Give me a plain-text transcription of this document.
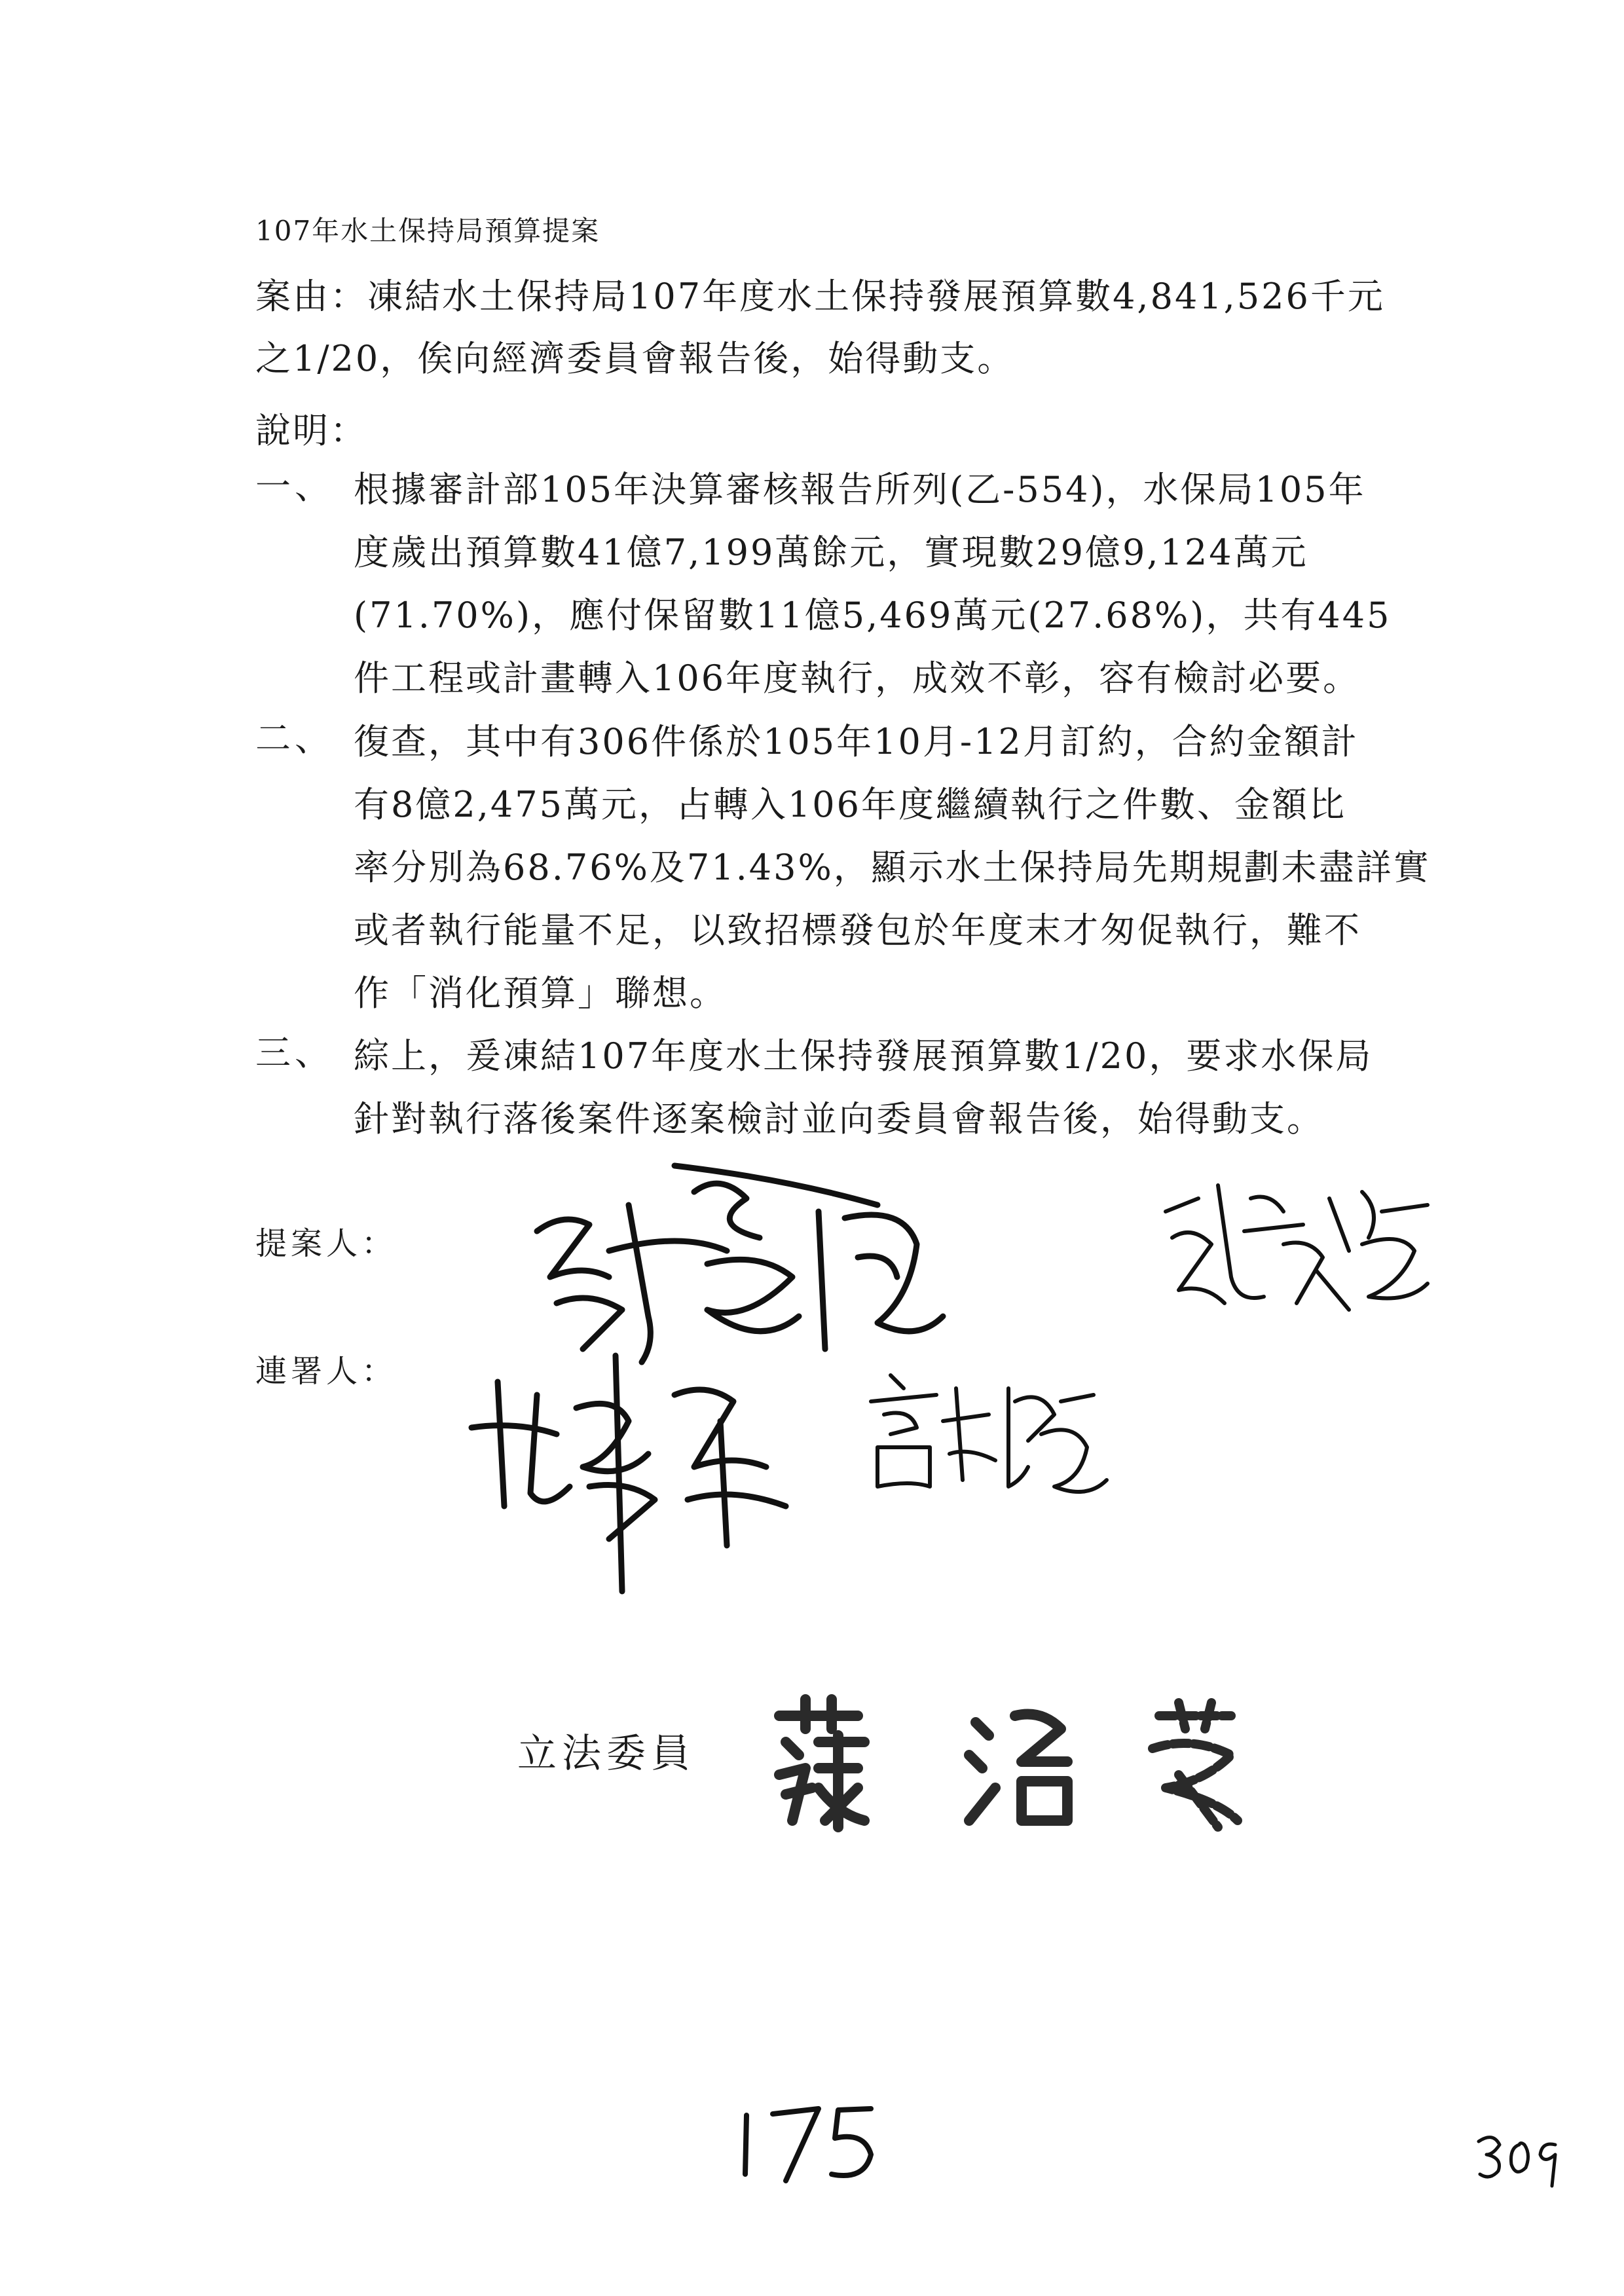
107年水土保持局預算提案
案由：凍結水土保持局107年度水土保持發展預算數4,841,526千元
之1/20，俟向經濟委員會報告後，始得動支。
說明：
一、 根據審計部105年決算審核報告所列(乙-554)，水保局105年
度歲出預算數41億7,199萬餘元，實現數29億9,124萬元
(71.70%)，應付保留數11億5,469萬元(27.68%)，共有445
件工程或計畫轉入106年度執行，成效不彰，容有檢討必要。
二、 復查，其中有306件係於105年10月-12月訂約，合約金額計
有8億2,475萬元，占轉入106年度繼續執行之件數、金額比
率分別為68.76%及71.43%，顯示水土保持局先期規劃未盡詳實
或者執行能量不足，以致招標發包於年度末才匆促執行，難不
作「消化預算」聯想。
三、 綜上，爰凍結107年度水土保持發展預算數1/20，要求水保局
針對執行落後案件逐案檢討並向委員會報告後，始得動支。
提案人：
連署人：
立法委員
